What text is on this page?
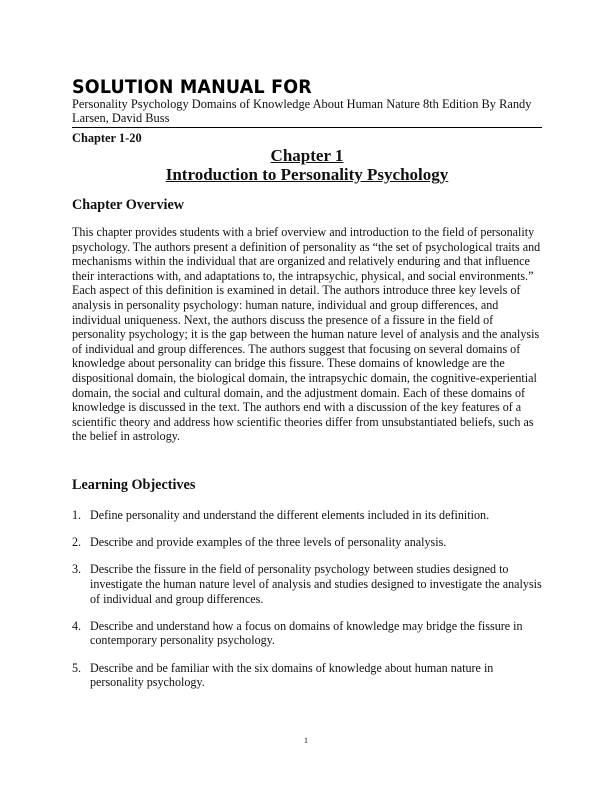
SOLUTION MANUAL FOR
Personality Psychology Domains of Knowledge About Human Nature 8th Edition By Randy Larsen, David Buss
Chapter 1-20
Chapter 1
Introduction to Personality Psychology
Chapter Overview

This chapter provides students with a brief overview and introduction to the field of personality psychology. The authors present a definition of personality as “the set of psychological traits and mechanisms within the individual that are organized and relatively enduring and that influence their interactions with, and adaptations to, the intrapsychic, physical, and social environments.” Each aspect of this definition is examined in detail. The authors introduce three key levels of analysis in personality psychology: human nature, individual and group differences, and individual uniqueness. Next, the authors discuss the presence of a fissure in the field of personality psychology; it is the gap between the human nature level of analysis and the analysis of individual and group differences. The authors suggest that focusing on several domains of knowledge about personality can bridge this fissure. These domains of knowledge are the dispositional domain, the biological domain, the intrapsychic domain, the cognitive-experiential domain, the social and cultural domain, and the adjustment domain. Each of these domains of knowledge is discussed in the text. The authors end with a discussion of the key features of a scientific theory and address how scientific theories differ from unsubstantiated beliefs, such as the belief in astrology.

Learning Objectives
1. Define personality and understand the different elements included in its definition.
2. Describe and provide examples of the three levels of personality analysis.
3. Describe the fissure in the field of personality psychology between studies designed to investigate the human nature level of analysis and studies designed to investigate the analysis of individual and group differences.
4. Describe and understand how a focus on domains of knowledge may bridge the fissure in contemporary personality psychology.
5. Describe and be familiar with the six domains of knowledge about human nature in personality psychology.
1
